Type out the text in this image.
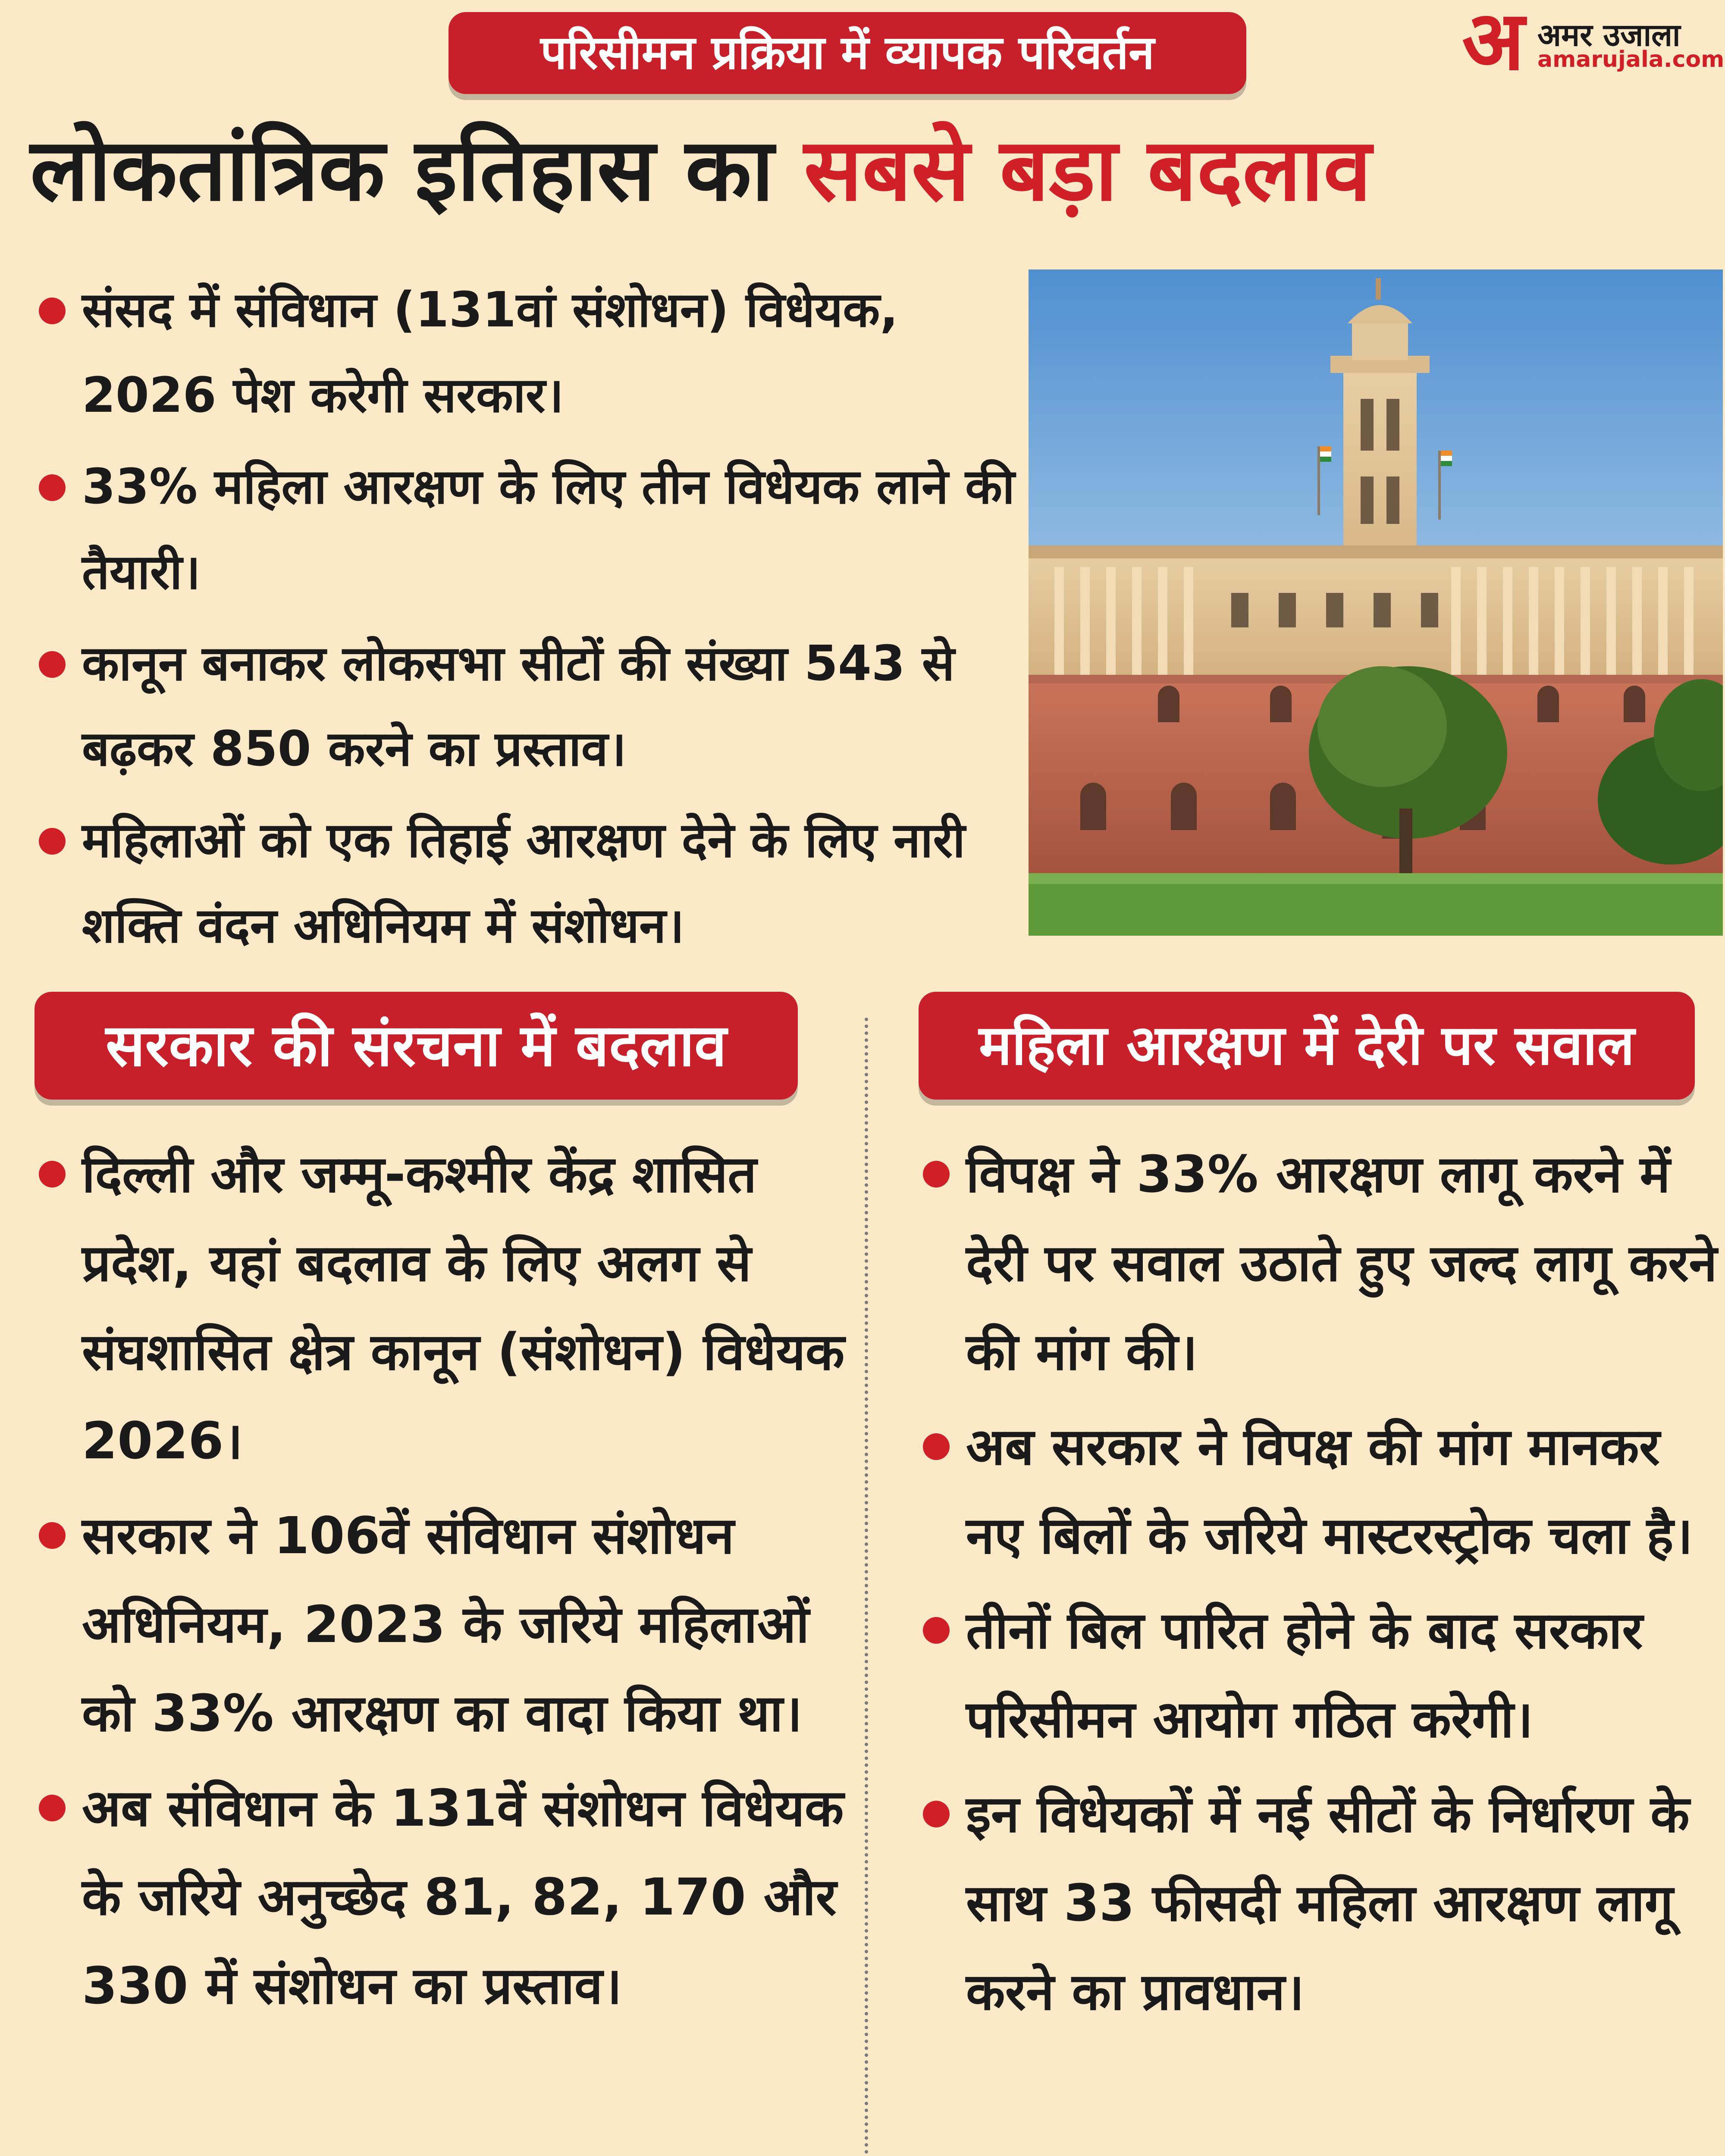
परिसीमन प्रक्रिया में व्यापक परिवर्तन	अ अमर उजाला
amarujala.com
लोकतांत्रिक इतिहास का सबसे बड़ा बदलाव
संसद में संविधान (131वां संशोधन) विधेयक, 2026 पेश करेगी सरकार।
33% महिला आरक्षण के लिए तीन विधेयक लाने की तैयारी।
कानून बनाकर लोकसभा सीटों की संख्या 543 से बढ़कर 850 करने का प्रस्ताव।
महिलाओं को एक तिहाई आरक्षण देने के लिए नारी शक्ति वंदन अधिनियम में संशोधन।
सरकार की संरचना में बदलाव	महिला आरक्षण में देरी पर सवाल
दिल्ली और जम्मू-कश्मीर केंद्र शासित प्रदेश, यहां बदलाव के लिए अलग से संघशासित क्षेत्र कानून (संशोधन) विधेयक 2026।
सरकार ने 106वें संविधान संशोधन अधिनियम, 2023 के जरिये महिलाओं को 33% आरक्षण का वादा किया था।
अब संविधान के 131वें संशोधन विधेयक के जरिये अनुच्छेद 81, 82, 170 और 330 में संशोधन का प्रस्ताव।
विपक्ष ने 33% आरक्षण लागू करने में देरी पर सवाल उठाते हुए जल्द लागू करने की मांग की।
अब सरकार ने विपक्ष की मांग मानकर नए बिलों के जरिये मास्टरस्ट्रोक चला है।
तीनों बिल पारित होने के बाद सरकार परिसीमन आयोग गठित करेगी।
इन विधेयकों में नई सीटों के निर्धारण के साथ 33 फीसदी महिला आरक्षण लागू करने का प्रावधान।
